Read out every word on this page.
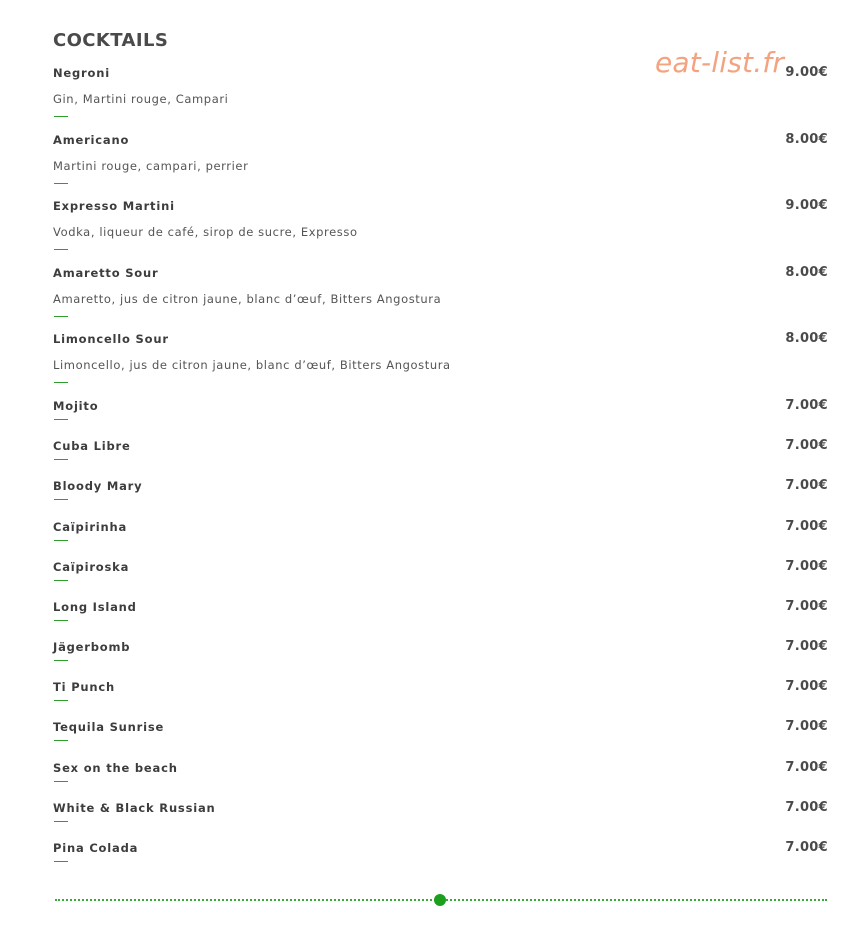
COCKTAILS
Negroni	9.00€
Gin, Martini rouge, Campari
Americano	8.00€
Martini rouge, campari, perrier
Expresso Martini	9.00€
Vodka, liqueur de café, sirop de sucre, Expresso
Amaretto Sour	8.00€
Amaretto, jus de citron jaune, blanc d’œuf, Bitters Angostura
Limoncello Sour	8.00€
Limoncello, jus de citron jaune, blanc d’œuf, Bitters Angostura
Mojito	7.00€
Cuba Libre	7.00€
Bloody Mary	7.00€
Caïpirinha	7.00€
Caïpiroska	7.00€
Long Island	7.00€
Jägerbomb	7.00€
Ti Punch	7.00€
Tequila Sunrise	7.00€
Sex on the beach	7.00€
White & Black Russian	7.00€
Pina Colada	7.00€
eat-list.fr
